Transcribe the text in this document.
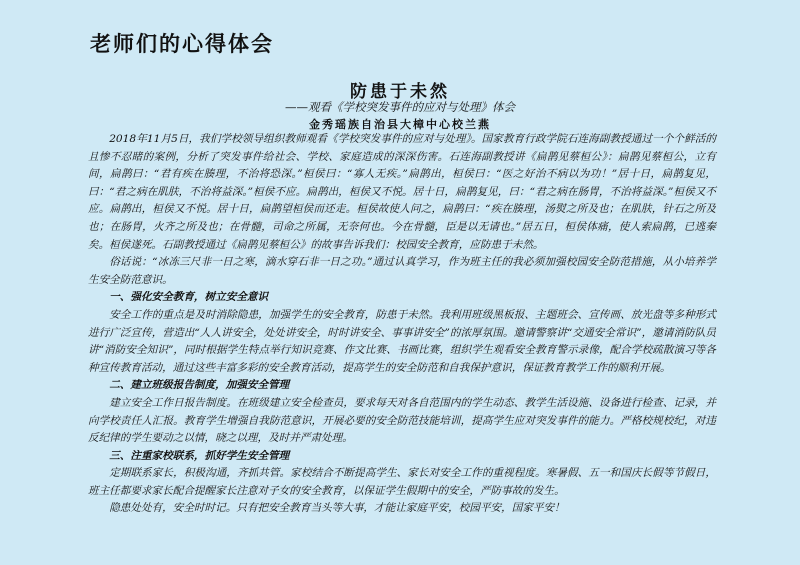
老师们的心得体会
防患于未然
——观看《学校突发事件的应对与处理》体会
金秀瑶族自治县大樟中心校兰燕

2018年11月5日，我们学校领导组织教师观看《学校突发事件的应对与处理》。国家教育行政学院石连海副教授通过一个个鲜活的且惨不忍睹的案例，分析了突发事件给社会、学校、家庭造成的深深伤害。石连海副教授讲《扁鹊见蔡桓公》：扁鹊见蔡桓公，立有间，扁鹊曰：“君有疾在腠理，不治将恐深。”桓侯曰：“寡人无疾。”扁鹊出，桓侯曰：“医之好治不病以为功！”居十日，扁鹊复见，曰：“君之病在肌肤，不治将益深。”桓侯不应。扁鹊出，桓侯又不悦。居十日，扁鹊复见，曰：“君之病在肠胃，不治将益深。”桓侯又不应。扁鹊出，桓侯又不悦。居十日，扁鹊望桓侯而还走。桓侯故使人问之，扁鹊曰：“疾在腠理，汤熨之所及也；在肌肤，针石之所及也；在肠胃，火齐之所及也；在骨髓，司命之所属，无奈何也。今在骨髓，臣是以无请也。”居五日，桓侯体痛，使人索扁鹊，已逃秦矣。桓侯遂死。石副教授通过《扁鹊见蔡桓公》的故事告诉我们：校园安全教育，应防患于未然。

俗话说：“冰冻三尺非一日之寒，滴水穿石非一日之功。”通过认真学习，作为班主任的我必须加强校园安全防范措施，从小培养学生安全防范意识。

一、强化安全教育，树立安全意识

安全工作的重点是及时消除隐患，加强学生的安全教育，防患于未然。我利用班级黑板报、主题班会、宣传画、放光盘等多种形式进行广泛宣传，营造出“人人讲安全，处处讲安全，时时讲安全、事事讲安全”的浓厚氛围。邀请警察讲“交通安全常识”，邀请消防队员讲“消防安全知识”，同时根据学生特点举行知识竞赛、作文比赛、书画比赛，组织学生观看安全教育警示录像，配合学校疏散演习等各种宣传教育活动，通过这些丰富多彩的安全教育活动，提高学生的安全防范和自我保护意识，保证教育教学工作的顺利开展。

二、建立班级报告制度，加强安全管理

建立安全工作日报告制度。在班级建立安全检查员，要求每天对各自范围内的学生动态、教学生活设施、设备进行检查、记录，并向学校责任人汇报。教育学生增强自我防范意识，开展必要的安全防范技能培训，提高学生应对突发事件的能力。严格校规校纪，对违反纪律的学生要动之以情，晓之以理，及时并严肃处理。

三、注重家校联系，抓好学生安全管理

定期联系家长，积极沟通，齐抓共管。家校结合不断提高学生、家长对安全工作的重视程度。寒暑假、五一和国庆长假等节假日，班主任都要求家长配合提醒家长注意对子女的安全教育，以保证学生假期中的安全，严防事故的发生。

隐患处处有，安全时时记。只有把安全教育当头等大事，才能让家庭平安，校园平安，国家平安！
